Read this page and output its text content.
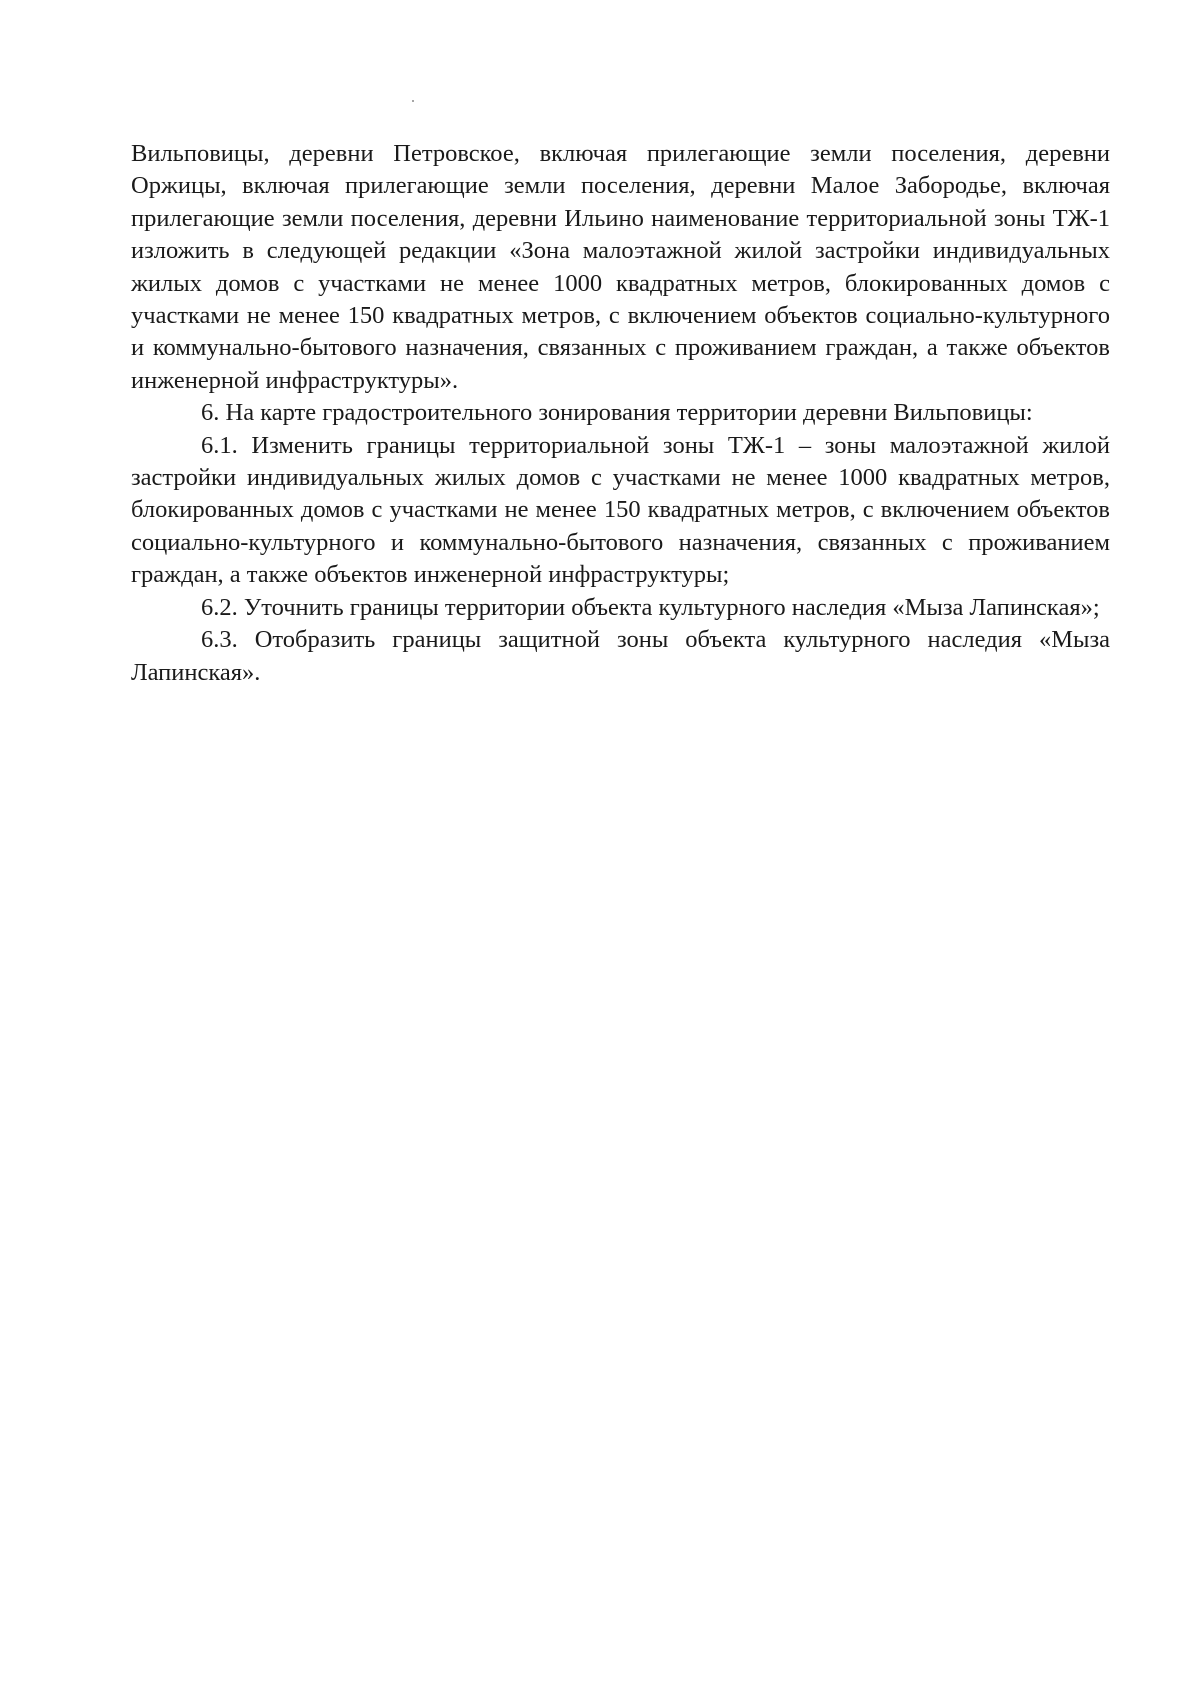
Вильповицы, деревни Петровское, включая прилегающие земли поселения, деревни Оржицы, включая прилегающие земли поселения, деревни Малое Забородье, включая прилегающие земли поселения, деревни Ильино наименование территориальной зоны ТЖ-1 изложить в следующей редакции «Зона малоэтажной жилой застройки индивидуальных жилых домов с участками не менее 1000 квадратных метров, блокированных домов с участками не менее 150 квадратных метров, с включением объектов социально-культурного и коммунально-бытового назначения, связанных с проживанием граждан, а также объектов инженерной инфраструктуры».

6. На карте градостроительного зонирования территории деревни Вильповицы:

6.1. Изменить границы территориальной зоны ТЖ-1 – зоны малоэтажной жилой застройки индивидуальных жилых домов с участками не менее 1000 квадратных метров, блокированных домов с участками не менее 150 квадратных метров, с включением объектов социально-культурного и коммунально-бытового назначения, связанных с проживанием граждан, а также объектов инженерной инфраструктуры;

6.2. Уточнить границы территории объекта культурного наследия «Мыза Лапинская»;

6.3. Отобразить границы защитной зоны объекта культурного наследия «Мыза Лапинская».
